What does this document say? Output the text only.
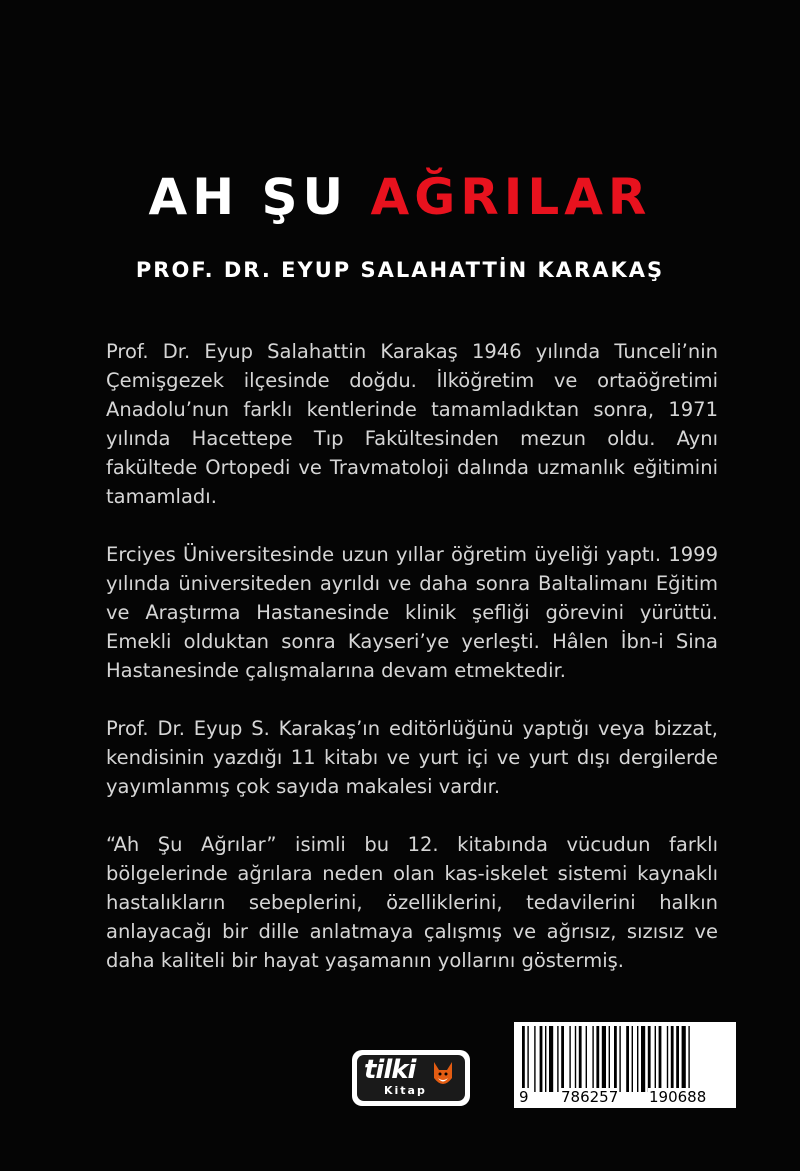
AH ŞU AĞRILAR
PROF. DR. EYUP SALAHATTİN KARAKAŞ

Prof. Dr. Eyup Salahattin Karakaş 1946 yılında Tunceli’nin Çemişgezek ilçesinde doğdu. İlköğretim ve ortaöğretimi Anadolu’nun farklı kentlerinde tamamladıktan sonra, 1971 yılında Hacettepe Tıp Fakültesinden mezun oldu. Aynı fakültede Ortopedi ve Travmatoloji dalında uzmanlık eğitimini tamamladı.

Erciyes Üniversitesinde uzun yıllar öğretim üyeliği yaptı. 1999 yılında üniversiteden ayrıldı ve daha sonra Baltalimanı Eğitim ve Araştırma Hastanesinde klinik şefliği görevini yürüttü. Emekli olduktan sonra Kayseri’ye yerleşti. Hâlen İbn-i Sina Hastanesinde çalışmalarına devam etmektedir.

Prof. Dr. Eyup S. Karakaş’ın editörlüğünü yaptığı veya bizzat, kendisinin yazdığı 11 kitabı ve yurt içi ve yurt dışı dergilerde yayımlanmış çok sayıda makalesi vardır.

“Ah Şu Ağrılar” isimli bu 12. kitabında vücudun farklı bölgelerinde ağrılara neden olan kas-iskelet sistemi kaynaklı hastalıkların sebeplerini, özelliklerini, tedavilerini halkın anlayacağı bir dille anlatmaya çalışmış ve ağrısız, sızısız ve daha kaliteli bir hayat yaşamanın yollarını göstermiş.

tilki
Kitap	9 786257 190688
